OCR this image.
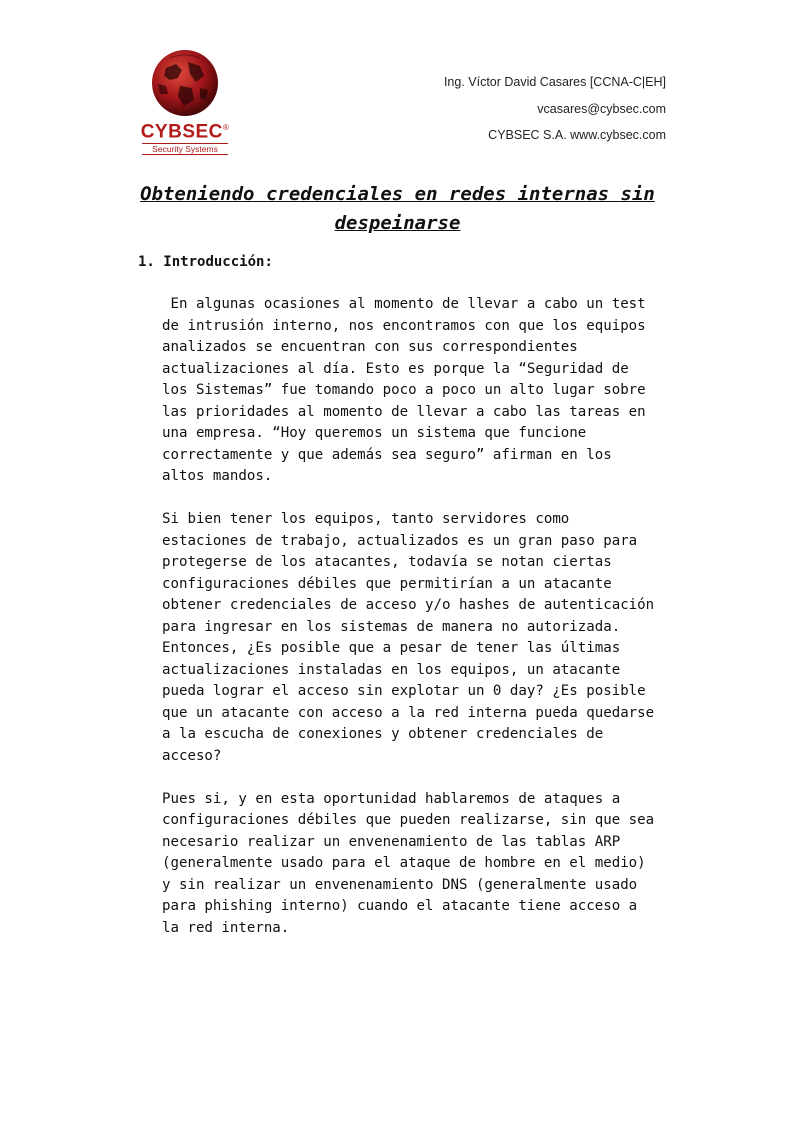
CYBSEC®
Security Systems
Ing. Víctor David Casares [CCNA-C|EH]
vcasares@cybsec.com
CYBSEC S.A. www.cybsec.com
Obteniendo credenciales en redes internas sin
despeinarse
1. Introducción:
En algunas ocasiones al momento de llevar a cabo un test
de intrusión interno, nos encontramos con que los equipos
analizados se encuentran con sus correspondientes
actualizaciones al día. Esto es porque la “Seguridad de
los Sistemas” fue tomando poco a poco un alto lugar sobre
las prioridades al momento de llevar a cabo las tareas en
una empresa. “Hoy queremos un sistema que funcione
correctamente y que además sea seguro” afirman en los
altos mandos.
Si bien tener los equipos, tanto servidores como
estaciones de trabajo, actualizados es un gran paso para
protegerse de los atacantes, todavía se notan ciertas
configuraciones débiles que permitirían a un atacante
obtener credenciales de acceso y/o hashes de autenticación
para ingresar en los sistemas de manera no autorizada.
Entonces, ¿Es posible que a pesar de tener las últimas
actualizaciones instaladas en los equipos, un atacante
pueda lograr el acceso sin explotar un 0 day? ¿Es posible
que un atacante con acceso a la red interna pueda quedarse
a la escucha de conexiones y obtener credenciales de
acceso?
Pues si, y en esta oportunidad hablaremos de ataques a
configuraciones débiles que pueden realizarse, sin que sea
necesario realizar un envenenamiento de las tablas ARP
(generalmente usado para el ataque de hombre en el medio)
y sin realizar un envenenamiento DNS (generalmente usado
para phishing interno) cuando el atacante tiene acceso a
la red interna.
